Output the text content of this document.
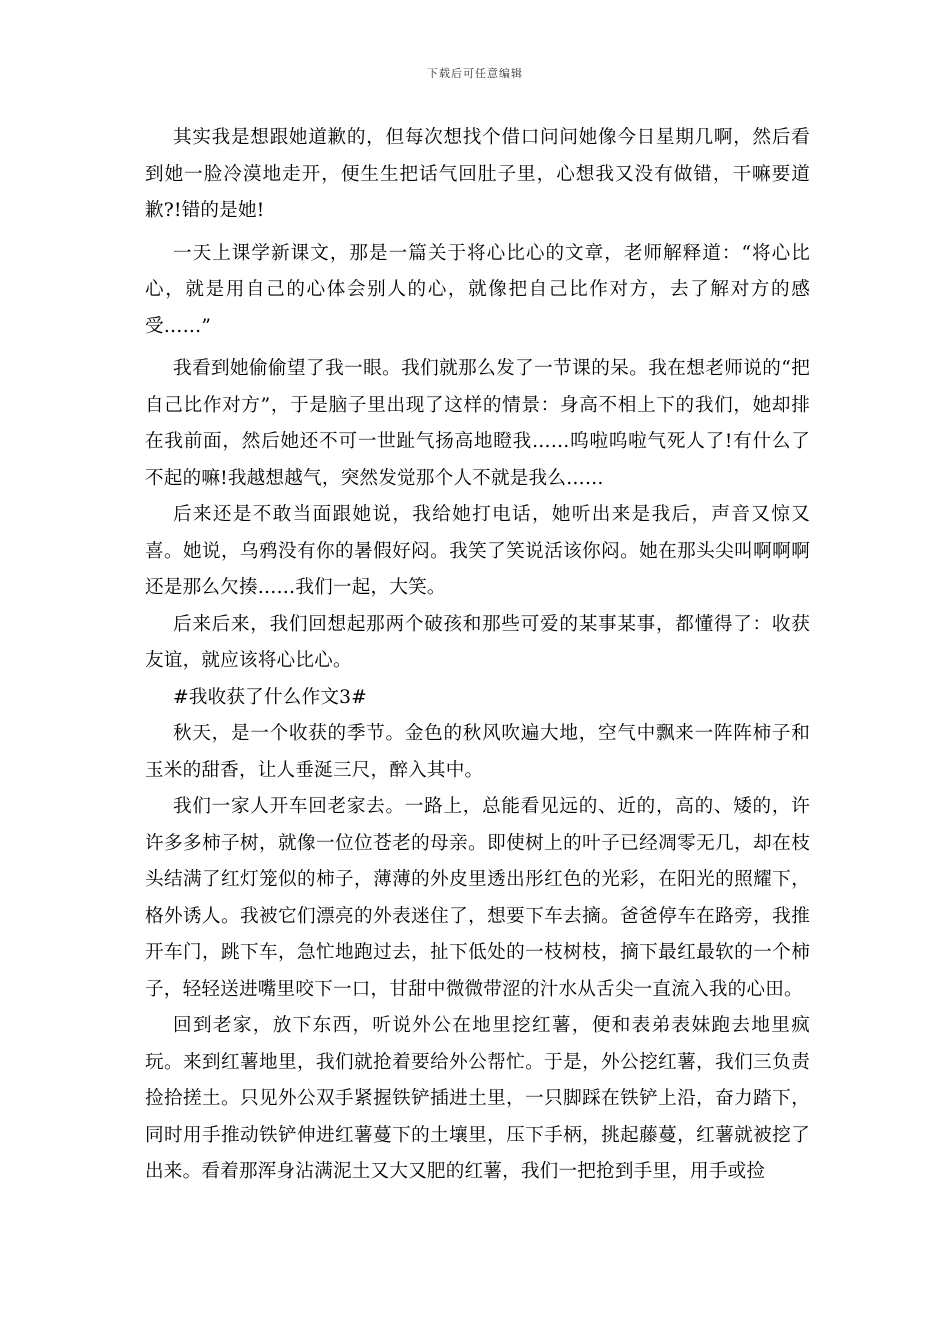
下载后可任意编辑

其实我是想跟她道歉的，但每次想找个借口问问她像今日星期几啊，然后看到她一脸冷漠地走开，便生生把话气回肚子里，心想我又没有做错，干嘛要道歉?!错的是她!

一天上课学新课文，那是一篇关于将心比心的文章，老师解释道：“将心比心，就是用自己的心体会别人的心，就像把自己比作对方，去了解对方的感受……”

我看到她偷偷望了我一眼。我们就那么发了一节课的呆。我在想老师说的“把自己比作对方”，于是脑子里出现了这样的情景：身高不相上下的我们，她却排在我前面，然后她还不可一世趾气扬高地瞪我……呜啦呜啦气死人了!有什么了不起的嘛!我越想越气，突然发觉那个人不就是我么……

后来还是不敢当面跟她说，我给她打电话，她听出来是我后，声音又惊又喜。她说，乌鸦没有你的暑假好闷。我笑了笑说活该你闷。她在那头尖叫啊啊啊还是那么欠揍……我们一起，大笑。

后来后来，我们回想起那两个破孩和那些可爱的某事某事，都懂得了：收获友谊，就应该将心比心。

#我收获了什么作文3#

秋天，是一个收获的季节。金色的秋风吹遍大地，空气中飘来一阵阵柿子和玉米的甜香，让人垂涎三尺，醉入其中。

我们一家人开车回老家去。一路上，总能看见远的、近的，高的、矮的，许许多多柿子树，就像一位位苍老的母亲。即使树上的叶子已经凋零无几，却在枝头结满了红灯笼似的柿子，薄薄的外皮里透出彤红色的光彩，在阳光的照耀下，格外诱人。我被它们漂亮的外表迷住了，想要下车去摘。爸爸停车在路旁，我推开车门，跳下车，急忙地跑过去，扯下低处的一枝树枝，摘下最红最软的一个柿子，轻轻送进嘴里咬下一口，甘甜中微微带涩的汁水从舌尖一直流入我的心田。

回到老家，放下东西，听说外公在地里挖红薯，便和表弟表妹跑去地里疯玩。来到红薯地里，我们就抢着要给外公帮忙。于是，外公挖红薯，我们三负责捡拾搓土。只见外公双手紧握铁铲插进土里，一只脚踩在铁铲上沿，奋力踏下，同时用手推动铁铲伸进红薯蔓下的土壤里，压下手柄，挑起藤蔓，红薯就被挖了出来。看着那浑身沾满泥土又大又肥的红薯，我们一把抢到手里，用手或捡
